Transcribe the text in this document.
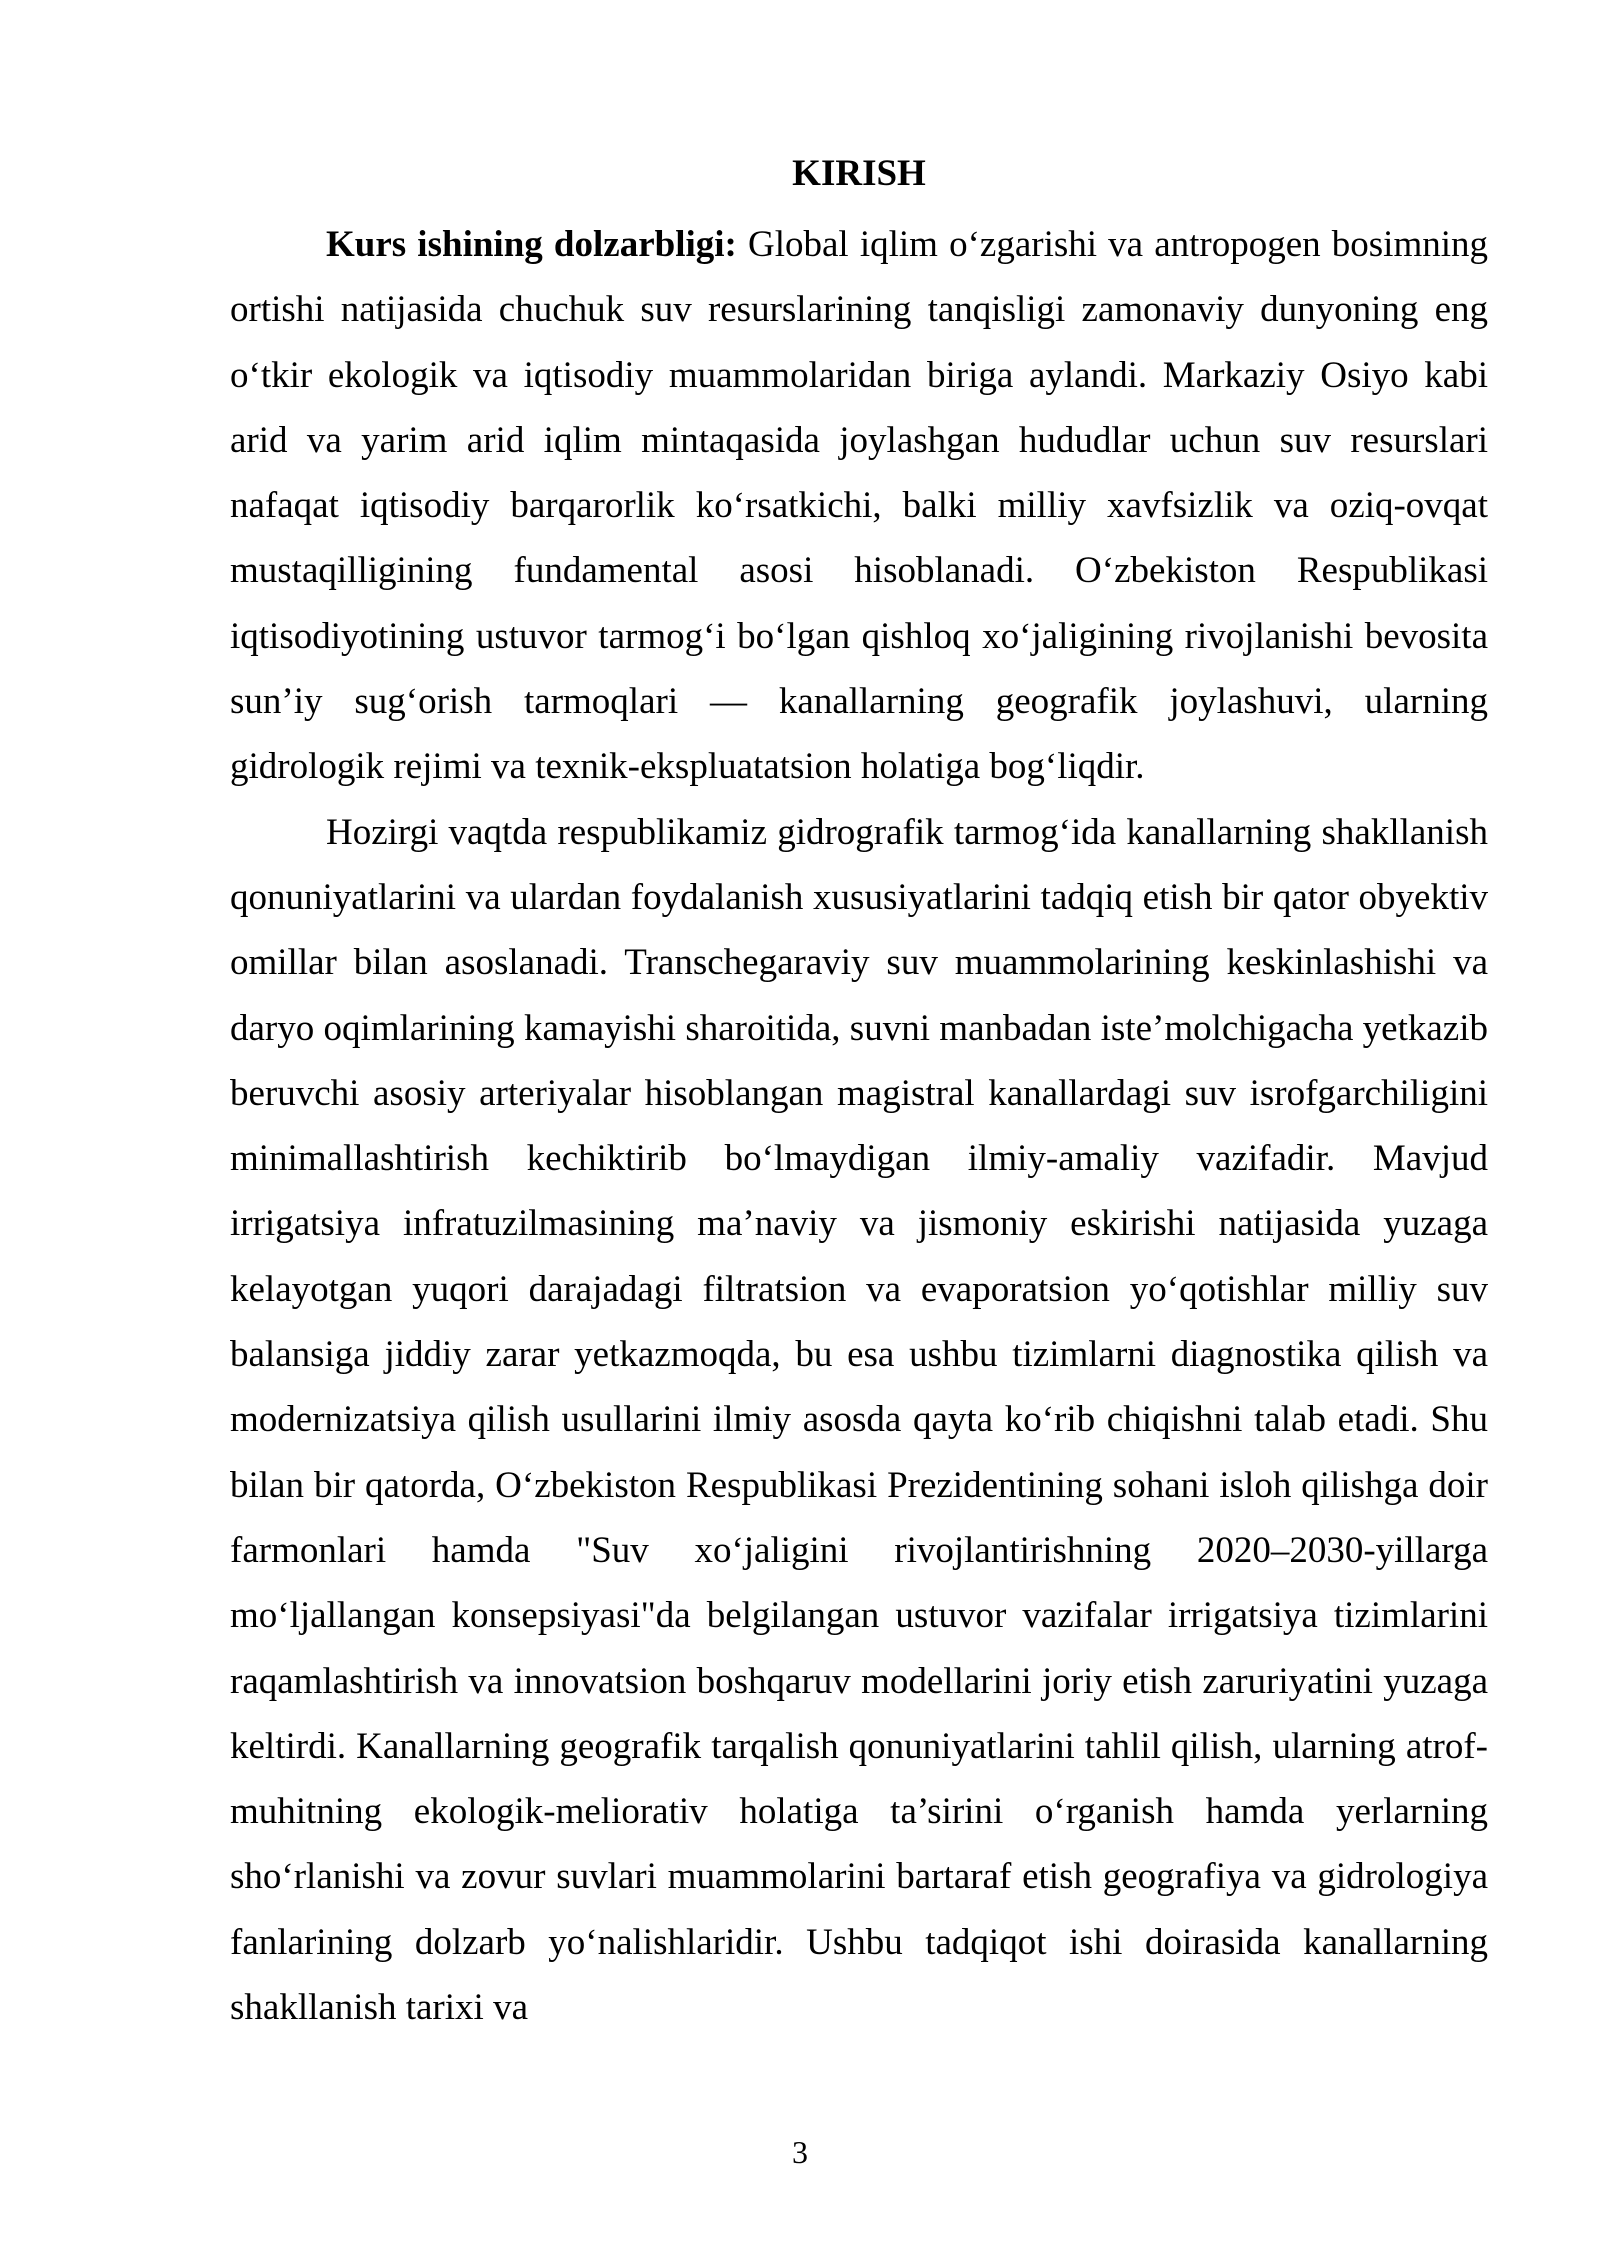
KIRISH

Kurs ishining dolzarbligi: Global iqlim o‘zgarishi va antropogen bosimning ortishi natijasida chuchuk suv resurslarining tanqisligi zamonaviy dunyoning eng o‘tkir ekologik va iqtisodiy muammolaridan biriga aylandi. Markaziy Osiyo kabi arid va yarim arid iqlim mintaqasida joylashgan hududlar uchun suv resurslari nafaqat iqtisodiy barqarorlik ko‘rsatkichi, balki milliy xavfsizlik va oziq-ovqat mustaqilligining fundamental asosi hisoblanadi. O‘zbekiston Respublikasi iqtisodiyotining ustuvor tarmog‘i bo‘lgan qishloq xo‘jaligining rivojlanishi bevosita sun’iy sug‘orish tarmoqlari — kanallarning geografik joylashuvi, ularning gidrologik rejimi va texnik-ekspluatatsion holatiga bog‘liqdir.

Hozirgi vaqtda respublikamiz gidrografik tarmog‘ida kanallarning shakllanish qonuniyatlarini va ulardan foydalanish xususiyatlarini tadqiq etish bir qator obyektiv omillar bilan asoslanadi. Transchegaraviy suv muammolarining keskinlashishi va daryo oqimlarining kamayishi sharoitida, suvni manbadan iste’molchigacha yetkazib beruvchi asosiy arteriyalar hisoblangan magistral kanallardagi suv isrofgarchiligini minimallashtirish kechiktirib bo‘lmaydigan ilmiy-amaliy vazifadir. Mavjud irrigatsiya infratuzilmasining ma’naviy va jismoniy eskirishi natijasida yuzaga kelayotgan yuqori darajadagi filtratsion va evaporatsion yo‘qotishlar milliy suv balansiga jiddiy zarar yetkazmoqda, bu esa ushbu tizimlarni diagnostika qilish va modernizatsiya qilish usullarini ilmiy asosda qayta ko‘rib chiqishni talab etadi. Shu bilan bir qatorda, O‘zbekiston Respublikasi Prezidentining sohani isloh qilishga doir farmonlari hamda "Suv xo‘jaligini rivojlantirishning 2020–2030-yillarga mo‘ljallangan konsepsiyasi"da belgilangan ustuvor vazifalar irrigatsiya tizimlarini raqamlashtirish va innovatsion boshqaruv modellarini joriy etish zaruriyatini yuzaga keltirdi. Kanallarning geografik tarqalish qonuniyatlarini tahlil qilish, ularning atrof-muhitning ekologik-meliorativ holatiga ta’sirini o‘rganish hamda yerlarning sho‘rlanishi va zovur suvlari muammolarini bartaraf etish geografiya va gidrologiya fanlarining dolzarb yo‘nalishlaridir. Ushbu tadqiqot ishi doirasida kanallarning shakllanish tarixi va

3
